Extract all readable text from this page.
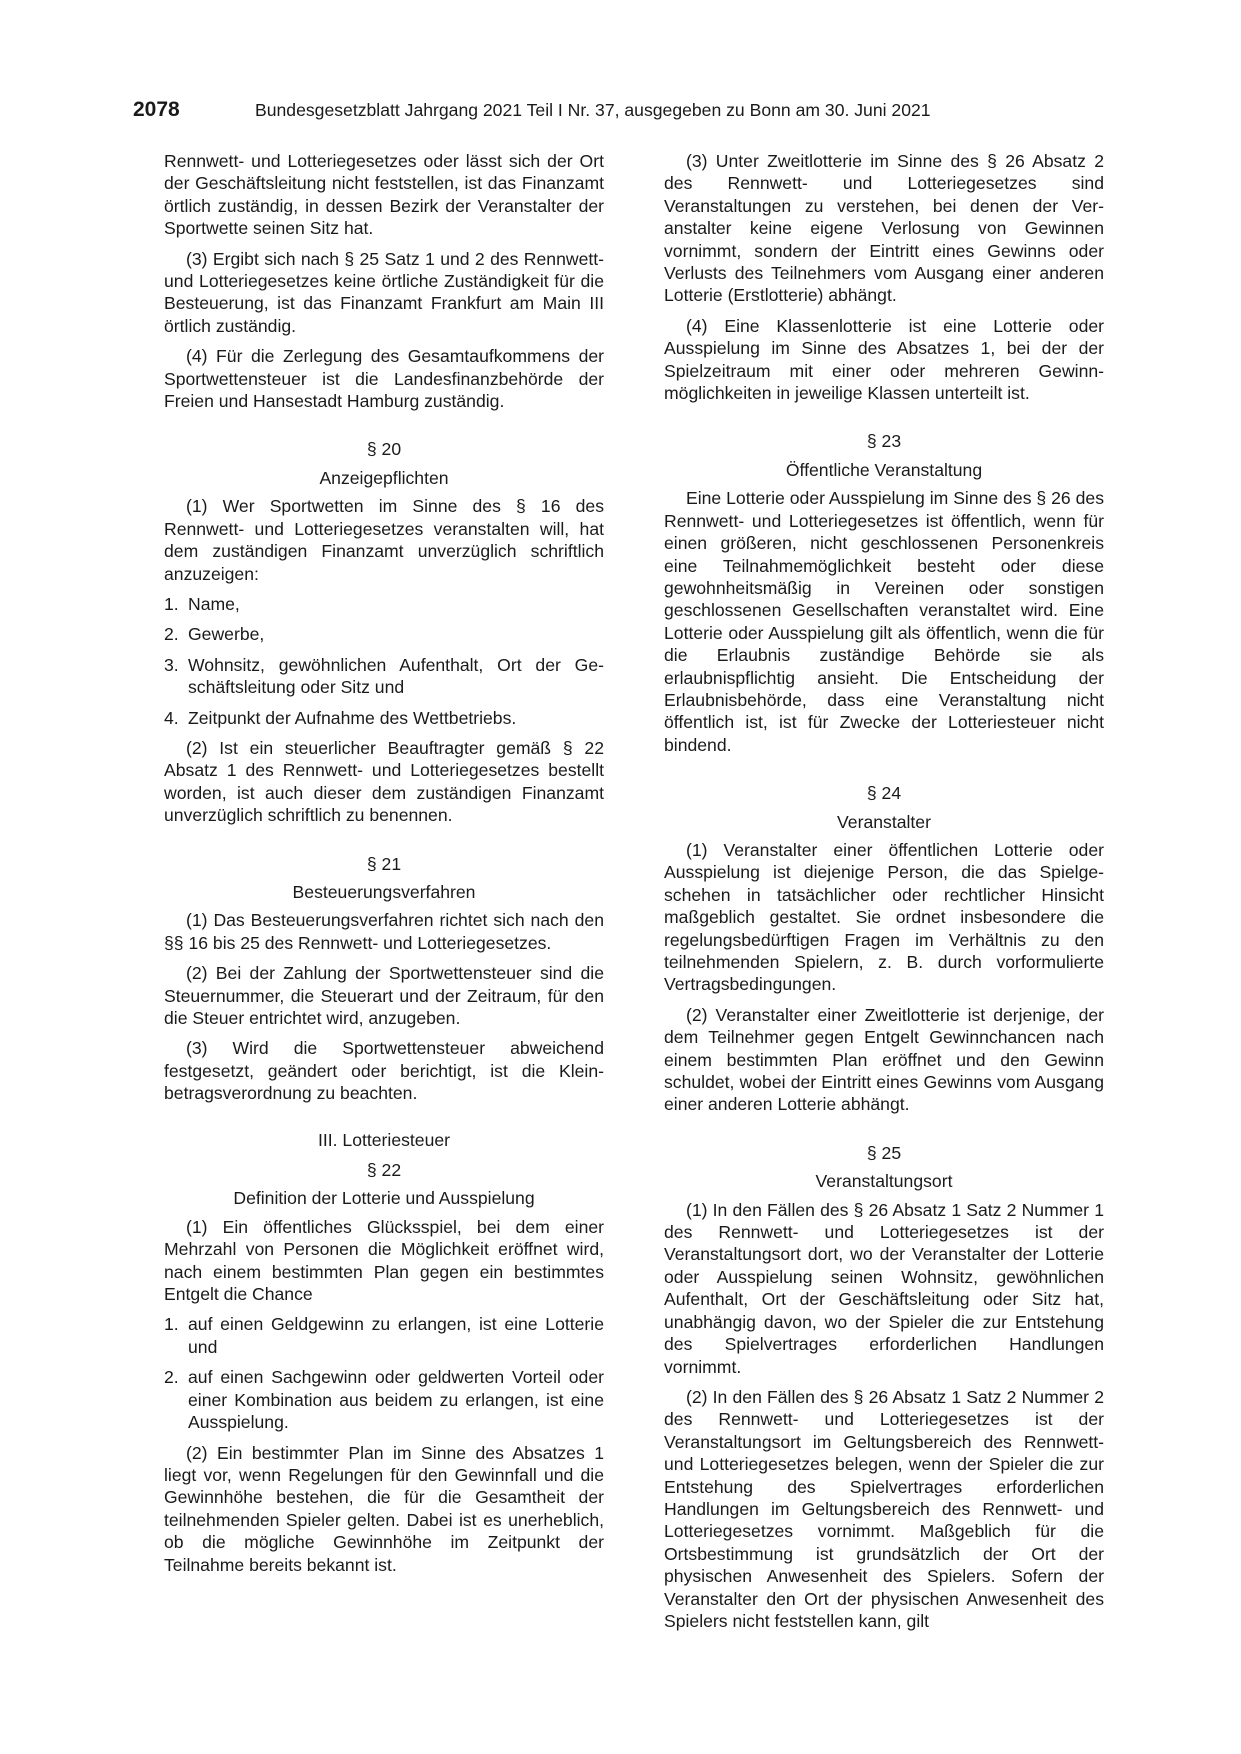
2078	Bundesgesetzblatt Jahrgang 2021 Teil I Nr. 37, ausgegeben zu Bonn am 30. Juni 2021

Rennwett- und Lotteriegesetzes oder lässt sich der Ort der Geschäftsleitung nicht feststellen, ist das Finanzamt örtlich zuständig, in dessen Bezirk der Veranstalter der Sportwette seinen Sitz hat.

(3) Ergibt sich nach § 25 Satz 1 und 2 des Rennwett- und Lotteriegesetzes keine örtliche Zuständigkeit für die Besteuerung, ist das Finanzamt Frankfurt am Main III örtlich zuständig.

(4) Für die Zerlegung des Gesamtaufkommens der Sportwettensteuer ist die Landesfinanzbehörde der Freien und Hansestadt Hamburg zuständig.

§ 20
Anzeigepflichten

(1) Wer Sportwetten im Sinne des § 16 des Rennwett- und Lotteriegesetzes veranstalten will, hat dem zuständigen Finanzamt unverzüglich schriftlich anzuzeigen:

1. Name,
2. Gewerbe,
3. Wohnsitz, gewöhnlichen Aufenthalt, Ort der Geschäftsleitung oder Sitz und
4. Zeitpunkt der Aufnahme des Wettbetriebs.

(2) Ist ein steuerlicher Beauftragter gemäß § 22 Absatz 1 des Rennwett- und Lotteriegesetzes bestellt worden, ist auch dieser dem zuständigen Finanzamt unverzüglich schriftlich zu benennen.

§ 21
Besteuerungsverfahren

(1) Das Besteuerungsverfahren richtet sich nach den §§ 16 bis 25 des Rennwett- und Lotteriegesetzes.

(2) Bei der Zahlung der Sportwettensteuer sind die Steuernummer, die Steuerart und der Zeitraum, für den die Steuer entrichtet wird, anzugeben.

(3) Wird die Sportwettensteuer abweichend festgesetzt, geändert oder berichtigt, ist die Kleinbetragsverordnung zu beachten.

III. Lotteriesteuer
§ 22
Definition der Lotterie und Ausspielung

(1) Ein öffentliches Glücksspiel, bei dem einer Mehrzahl von Personen die Möglichkeit eröffnet wird, nach einem bestimmten Plan gegen ein bestimmtes Entgelt die Chance

1. auf einen Geldgewinn zu erlangen, ist eine Lotterie und
2. auf einen Sachgewinn oder geldwerten Vorteil oder einer Kombination aus beidem zu erlangen, ist eine Ausspielung.

(2) Ein bestimmter Plan im Sinne des Absatzes 1 liegt vor, wenn Regelungen für den Gewinnfall und die Gewinnhöhe bestehen, die für die Gesamtheit der teilnehmenden Spieler gelten. Dabei ist es unerheblich, ob die mögliche Gewinnhöhe im Zeitpunkt der Teilnahme bereits bekannt ist.

(3) Unter Zweitlotterie im Sinne des § 26 Absatz 2 des Rennwett- und Lotteriegesetzes sind Veranstaltungen zu verstehen, bei denen der Veranstalter keine eigene Verlosung von Gewinnen vornimmt, sondern der Eintritt eines Gewinns oder Verlusts des Teilnehmers vom Ausgang einer anderen Lotterie (Erstlotterie) abhängt.

(4) Eine Klassenlotterie ist eine Lotterie oder Ausspielung im Sinne des Absatzes 1, bei der der Spielzeitraum mit einer oder mehreren Gewinnmöglichkeiten in jeweilige Klassen unterteilt ist.

§ 23
Öffentliche Veranstaltung

Eine Lotterie oder Ausspielung im Sinne des § 26 des Rennwett- und Lotteriegesetzes ist öffentlich, wenn für einen größeren, nicht geschlossenen Personenkreis eine Teilnahmemöglichkeit besteht oder diese gewohnheitsmäßig in Vereinen oder sonstigen geschlossenen Gesellschaften veranstaltet wird. Eine Lotterie oder Ausspielung gilt als öffentlich, wenn die für die Erlaubnis zuständige Behörde sie als erlaubnispflichtig ansieht. Die Entscheidung der Erlaubnisbehörde, dass eine Veranstaltung nicht öffentlich ist, ist für Zwecke der Lotteriesteuer nicht bindend.

§ 24
Veranstalter

(1) Veranstalter einer öffentlichen Lotterie oder Ausspielung ist diejenige Person, die das Spielgeschehen in tatsächlicher oder rechtlicher Hinsicht maßgeblich gestaltet. Sie ordnet insbesondere die regelungsbedürftigen Fragen im Verhältnis zu den teilnehmenden Spielern, z. B. durch vorformulierte Vertragsbedingungen.

(2) Veranstalter einer Zweitlotterie ist derjenige, der dem Teilnehmer gegen Entgelt Gewinnchancen nach einem bestimmten Plan eröffnet und den Gewinn schuldet, wobei der Eintritt eines Gewinns vom Ausgang einer anderen Lotterie abhängt.

§ 25
Veranstaltungsort

(1) In den Fällen des § 26 Absatz 1 Satz 2 Nummer 1 des Rennwett- und Lotteriegesetzes ist der Veranstaltungsort dort, wo der Veranstalter der Lotterie oder Ausspielung seinen Wohnsitz, gewöhnlichen Aufenthalt, Ort der Geschäftsleitung oder Sitz hat, unabhängig davon, wo der Spieler die zur Entstehung des Spielvertrages erforderlichen Handlungen vornimmt.

(2) In den Fällen des § 26 Absatz 1 Satz 2 Nummer 2 des Rennwett- und Lotteriegesetzes ist der Veranstaltungsort im Geltungsbereich des Rennwett- und Lotteriegesetzes belegen, wenn der Spieler die zur Entstehung des Spielvertrages erforderlichen Handlungen im Geltungsbereich des Rennwett- und Lotteriegesetzes vornimmt. Maßgeblich für die Ortsbestimmung ist grundsätzlich der Ort der physischen Anwesenheit des Spielers. Sofern der Veranstalter den Ort der physischen Anwesenheit des Spielers nicht feststellen kann, gilt
